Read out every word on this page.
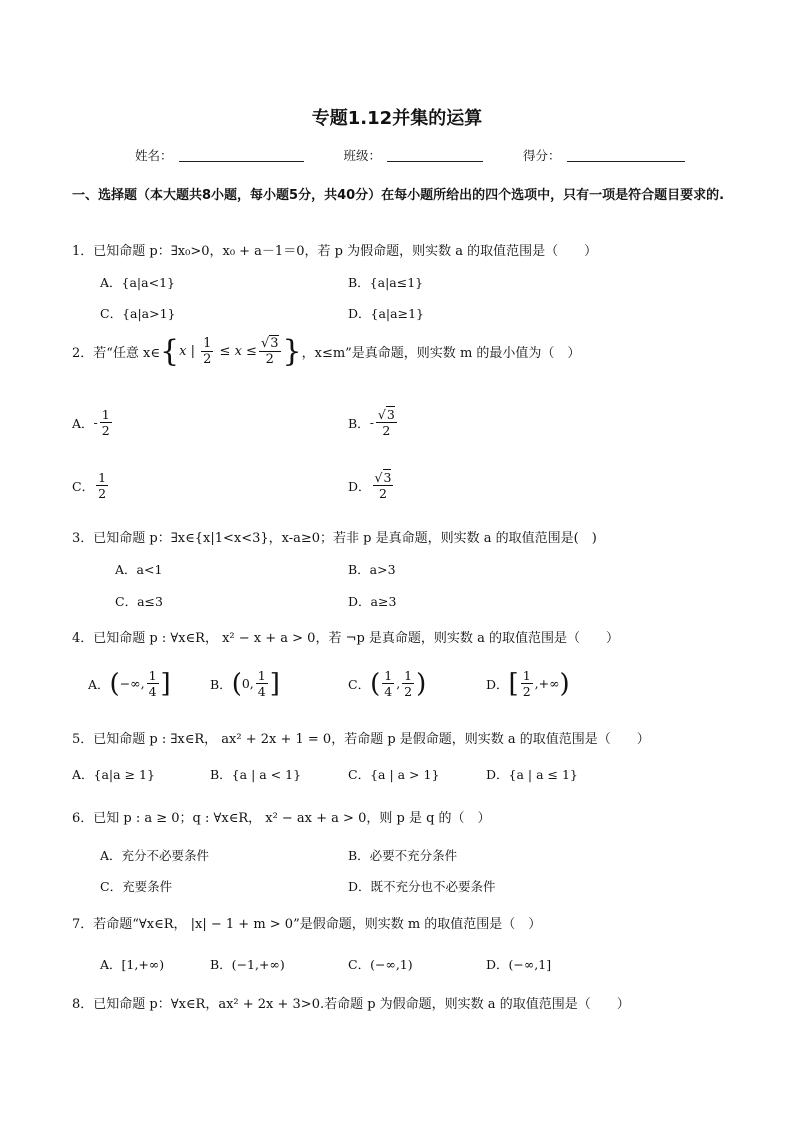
专题1.12并集的运算
姓名：	班级：	得分：
一、选择题（本大题共8小题，每小题5分，共40分）在每小题所给出的四个选项中，只有一项是符合题目要求的.
1．已知命题 p：∃x₀>0，x₀ + a－1＝0，若 p 为假命题，则实数 a 的取值范围是（　　）
A．{a|a<1}	B．{a|a≤1}
C．{a|a>1}	D．{a|a≥1}
2．若“任意 x∈ { x | $\frac{1}{2} \le x \le \frac{√3}{2}$ } ，x≤m”是真命题，则实数 m 的最小值为（　）
A． - $\frac{1}{2}$	B． - $\frac{√3}{2}$
C． $\frac{1}{2}$	D． $\frac{√3}{2}$
3．已知命题 p：∃x∈{x|1<x<3}，x-a≥0；若非 p 是真命题，则实数 a 的取值范围是(　)
A．a<1	B．a>3
C．a≤3	D．a≥3
4．已知命题 p : ∀x∈R， x² − x + a > 0，若 ¬p 是真命题，则实数 a 的取值范围是（　　）
A． ( −∞, $\frac{1}{4}$ ]	B． ( 0, $\frac{1}{4}$ ]	C． ( $\frac{1}{4}$ , $\frac{1}{2}$ )	D． [ $\frac{1}{2}$ ,+∞ )
5．已知命题 p : ∃x∈R， ax² + 2x + 1 = 0，若命题 p 是假命题，则实数 a 的取值范围是（　　）
A．{a|a ≥ 1}	B．{a | a < 1}	C．{a | a > 1}	D．{a | a ≤ 1}
6．已知 p : a ≥ 0；q : ∀x∈R， x² − ax + a > 0，则 p 是 q 的（　）
A．充分不必要条件	B．必要不充分条件
C．充要条件	D．既不充分也不必要条件
7．若命题“∀x∈R， |x| − 1 + m > 0”是假命题，则实数 m 的取值范围是（　）
A．[1,+∞)	B．(−1,+∞)	C．(−∞,1)	D．(−∞,1]
8．已知命题 p：∀x∈R，ax² + 2x + 3>0.若命题 p 为假命题，则实数 a 的取值范围是（　　）
